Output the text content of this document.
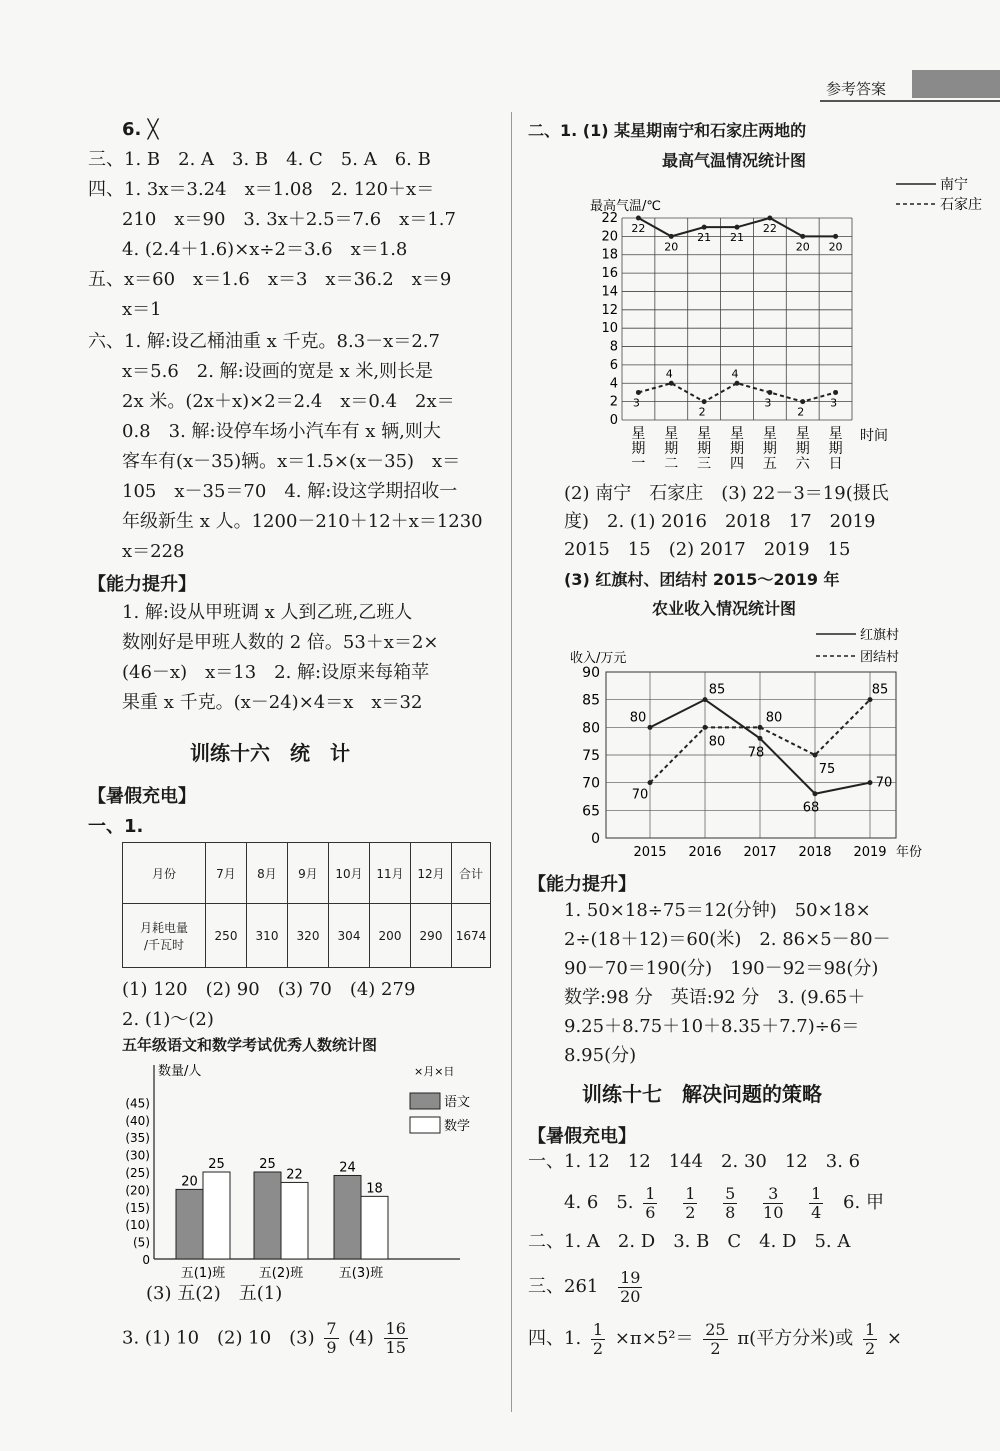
参考答案
6. ╳
三、1. B　2. A　3. B　4. C　5. A　6. B
四、1. 3x＝3.24　x＝1.08　2. 120＋x＝
210　x＝90　3. 3x＋2.5＝7.6　x＝1.7
4. (2.4＋1.6)×x÷2＝3.6　x＝1.8
五、x＝60　x＝1.6　x＝3　x＝36.2　x＝9
x＝1
六、1. 解:设乙桶油重 x 千克。8.3－x＝2.7
x＝5.6　2. 解:设画的宽是 x 米,则长是
2x 米。(2x＋x)×2＝2.4　x＝0.4　2x＝
0.8　3. 解:设停车场小汽车有 x 辆,则大
客车有(x－35)辆。x＝1.5×(x－35)　x＝
105　x－35＝70　4. 解:设这学期招收一
年级新生 x 人。1200－210＋12＋x＝1230
x＝228
【能力提升】
1. 解:设从甲班调 x 人到乙班,乙班人
数刚好是甲班人数的 2 倍。53＋x＝2×
(46－x)　x＝13　2. 解:设原来每箱苹
果重 x 千克。(x－24)×4＝x　x＝32
训练十六　统　计
【暑假充电】
一、1.
月份	7月	8月	9月	10月	11月	12月	合计

月耗电量
/千瓦时	250	310	320	304	200	290	1674
(1) 120　(2) 90　(3) 70　(4) 279
2. (1)～(2)
五年级语文和数学考试优秀人数统计图
数量/人
0
(5)
(10)
(15)
(20)
(25)
(30)
(35)
(40)
(45)
五(1)班
20
25
五(2)班
25
22
五(3)班
24
18
×月×日
语文
数学
(3) 五(2)　五(1)
3. (1) 10　(2) 10　$(3) \frac{7}{9} (4) \frac{16}{15}$
二、1. (1) 某星期南宁和石家庄两地的
最高气温情况统计图
最高气温/℃
0
2
4
6
8
10
12
14
16
18
20
22
星期一
星期二
星期三
星期四
星期五
星期六
星期日
时间
22
20
21 21
22
20 20
南宁
3
4
2
4
3
2
3
石家庄
(2) 南宁　石家庄　(3) 22－3＝19(摄氏
度)　2. (1) 2016　2018　17　2019
2015　15　(2) 2017　2019　15
(3) 红旗村、团结村 2015～2019 年
农业收入情况统计图
收入/万元
0
65
70
75
80
85
90
2015 2016 2017 2018 2019 年份
80
85
78
68
70
红旗村
70
80
80
75
85
团结村
【能力提升】
1. 50×18÷75＝12(分钟)　50×18×
2÷(18＋12)＝60(米)　2. 86×5－80－
90－70＝190(分)　190－92＝98(分)
数学:98 分　英语:92 分　3. (9.65＋
9.25＋8.75＋10＋8.35＋7.7)÷6＝
8.95(分)
训练十七　解决问题的策略
【暑假充电】
一、1. 12　12　144　2. 30　12　3. 6
4. 6　5. $\frac{1}{6}$
$\frac{1}{2}$
$\frac{5}{8}$
$\frac{3}{10}$
$\frac{1}{4} 6$. 甲
二、1. A　2. D　3. B　C　4. D　5. A
三、$261 \frac{19}{20}$
四、1. $\frac{1}{2} \times\pi\times 5^2= \frac{25}{2} \pi$(平方分米)或 $\frac{1}{2}$ ×
